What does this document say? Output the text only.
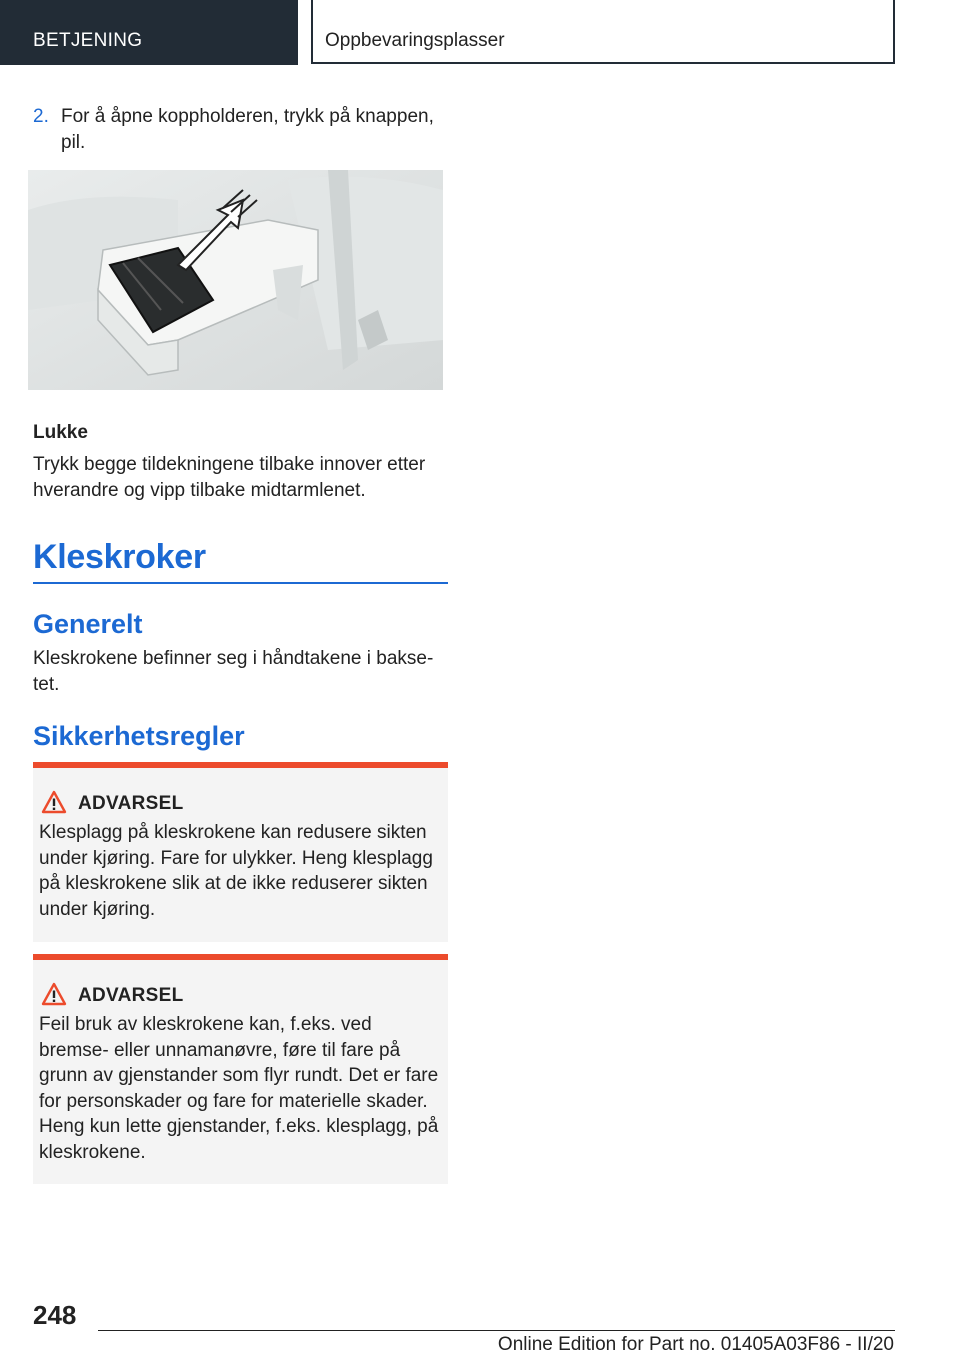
BETJENING	Oppbevaringsplasser
2. For å åpne koppholderen, trykk på knappen, pil.
Lukke
Trykk begge tildekningene tilbake innover etter hverandre og vipp tilbake midtarmlenet.
Kleskroker
Generelt
Kleskrokene befinner seg i håndtakene i bakse-tet.
Sikkerhetsregler
ADVARSEL
Klesplagg på kleskrokene kan redusere sikten under kjøring. Fare for ulykker. Heng klesplagg på kleskrokene slik at de ikke reduserer sikten under kjøring.
ADVARSEL
Feil bruk av kleskrokene kan, f.eks. ved bremse- eller unnamanøvre, føre til fare på grunn av gjenstander som flyr rundt. Det er fare for personskader og fare for materielle skader. Heng kun lette gjenstander, f.eks. klesplagg, på kleskrokene.
248
Online Edition for Part no. 01405A03F86 - II/20
